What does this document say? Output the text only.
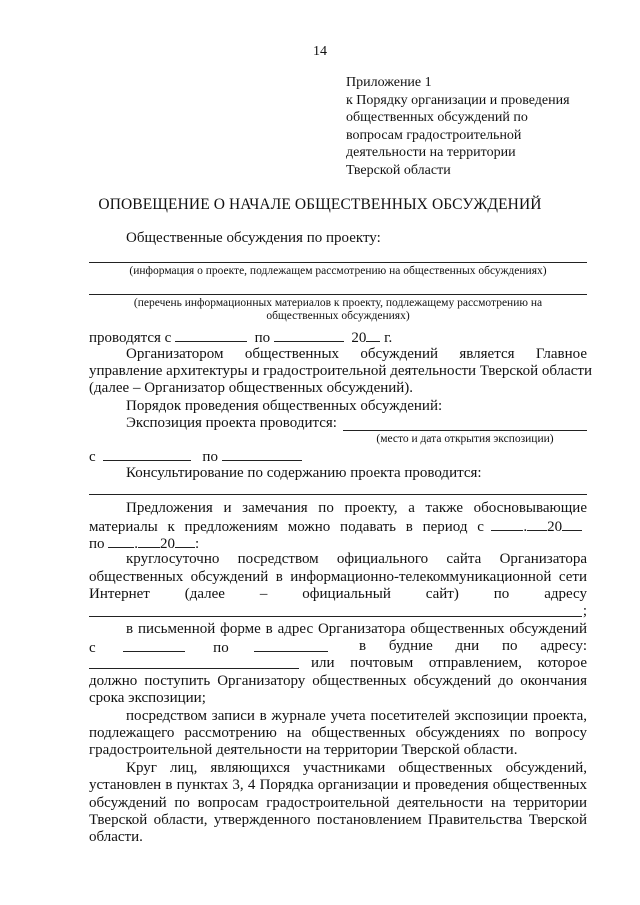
14
Приложение 1
к Порядку организации и проведения
общественных обсуждений по
вопросам градостроительной
деятельности на территории
Тверской области
ОПОВЕЩЕНИЕ О НАЧАЛЕ ОБЩЕСТВЕННЫХ ОБСУЖДЕНИЙ
Общественные обсуждения по проекту:
(информация о проекте, подлежащем рассмотрению на общественных обсуждениях)
(перечень информационных материалов к проекту, подлежащему рассмотрению на
общественных обсуждениях)
проводятся с	по	20 г.
Организатором общественных обсуждений является Главное
управление архитектуры и градостроительной деятельности Тверской области
(далее – Организатор общественных обсуждений).
Порядок проведения общественных обсуждений:
Экспозиция проекта проводится:
(место и дата открытия экспозиции)
с	по
Консультирование по содержанию проекта проводится:
Предложения и замечания по проекту, а также обосновывающие
материалы к предложениям можно подавать в период с	. 20
по . 20 :
круглосуточно посредством официального сайта Организатора
общественных обсуждений в информационно-телекоммуникационной сети
Интернет (далее – официальный сайт) по адресу
;
в письменной форме в адрес Организатора общественных обсуждений
с	по	в будние дни по адресу:
или почтовым отправлением, которое
должно поступить Организатору общественных обсуждений до окончания
срока экспозиции;
посредством записи в журнале учета посетителей экспозиции проекта,
подлежащего рассмотрению на общественных обсуждениях по вопросу
градостроительной деятельности на территории Тверской области.
Круг лиц, являющихся участниками общественных обсуждений,
установлен в пунктах 3, 4 Порядка организации и проведения общественных
обсуждений по вопросам градостроительной деятельности на территории
Тверской области, утвержденного постановлением Правительства Тверской
области.
